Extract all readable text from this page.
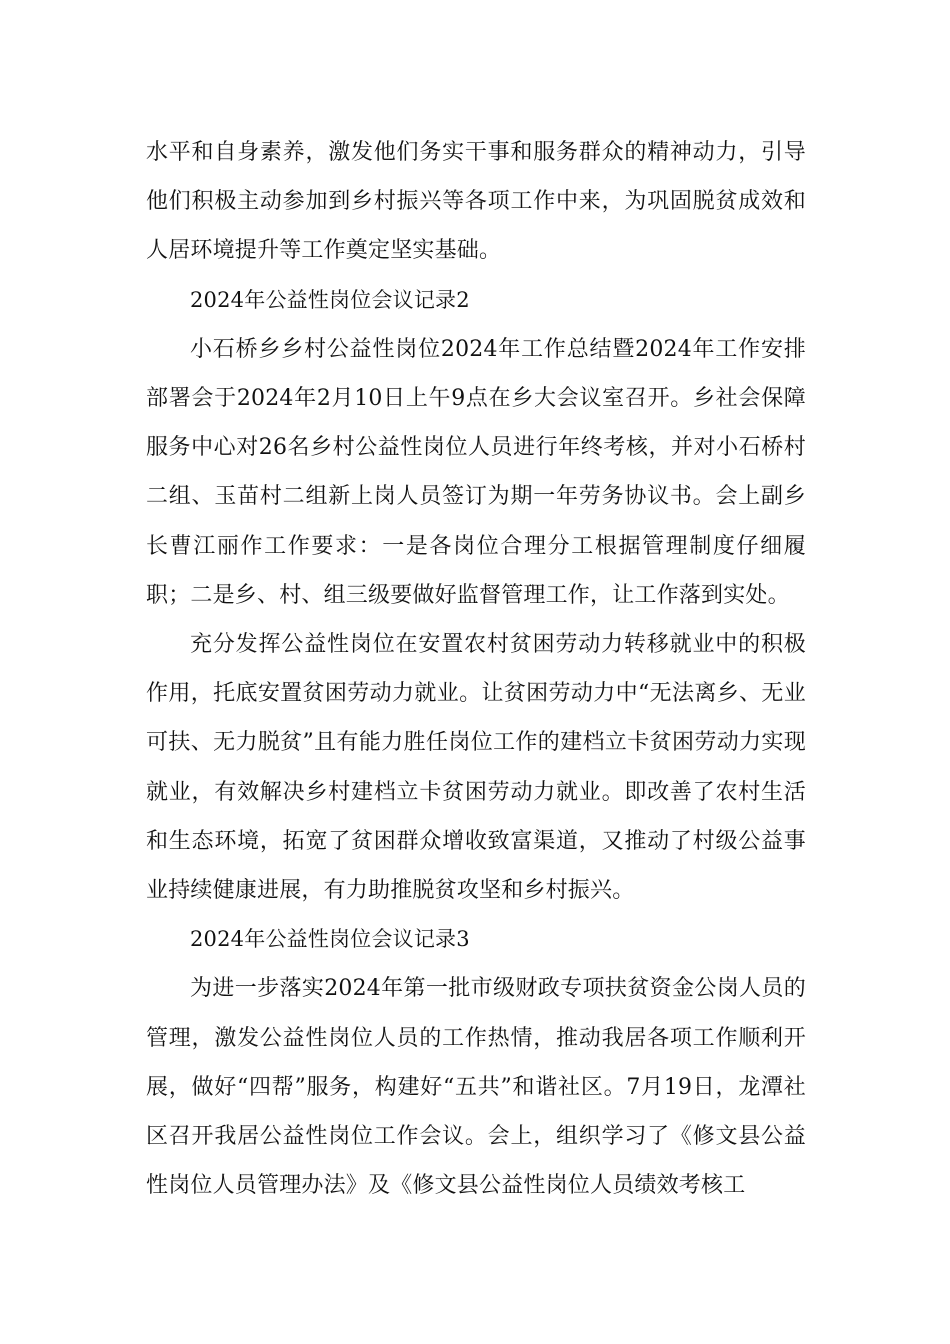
水平和自身素养，激发他们务实干事和服务群众的精神动力，引导他们积极主动参加到乡村振兴等各项工作中来，为巩固脱贫成效和人居环境提升等工作奠定坚实基础。

2024年公益性岗位会议记录2

小石桥乡乡村公益性岗位2024年工作总结暨2024年工作安排部署会于2024年2月10日上午9点在乡大会议室召开。乡社会保障服务中心对26名乡村公益性岗位人员进行年终考核，并对小石桥村二组、玉苗村二组新上岗人员签订为期一年劳务协议书。会上副乡长曹江丽作工作要求：一是各岗位合理分工根据管理制度仔细履职；二是乡、村、组三级要做好监督管理工作，让工作落到实处。

充分发挥公益性岗位在安置农村贫困劳动力转移就业中的积极作用，托底安置贫困劳动力就业。让贫困劳动力中“无法离乡、无业可扶、无力脱贫”且有能力胜任岗位工作的建档立卡贫困劳动力实现就业，有效解决乡村建档立卡贫困劳动力就业。即改善了农村生活和生态环境，拓宽了贫困群众增收致富渠道，又推动了村级公益事业持续健康进展，有力助推脱贫攻坚和乡村振兴。

2024年公益性岗位会议记录3

为进一步落实2024年第一批市级财政专项扶贫资金公岗人员的管理，激发公益性岗位人员的工作热情，推动我居各项工作顺利开展，做好“四帮”服务，构建好“五共”和谐社区。7月19日，龙潭社区召开我居公益性岗位工作会议。会上，组织学习了《修文县公益性岗位人员管理办法》及《修文县公益性岗位人员绩效考核工
